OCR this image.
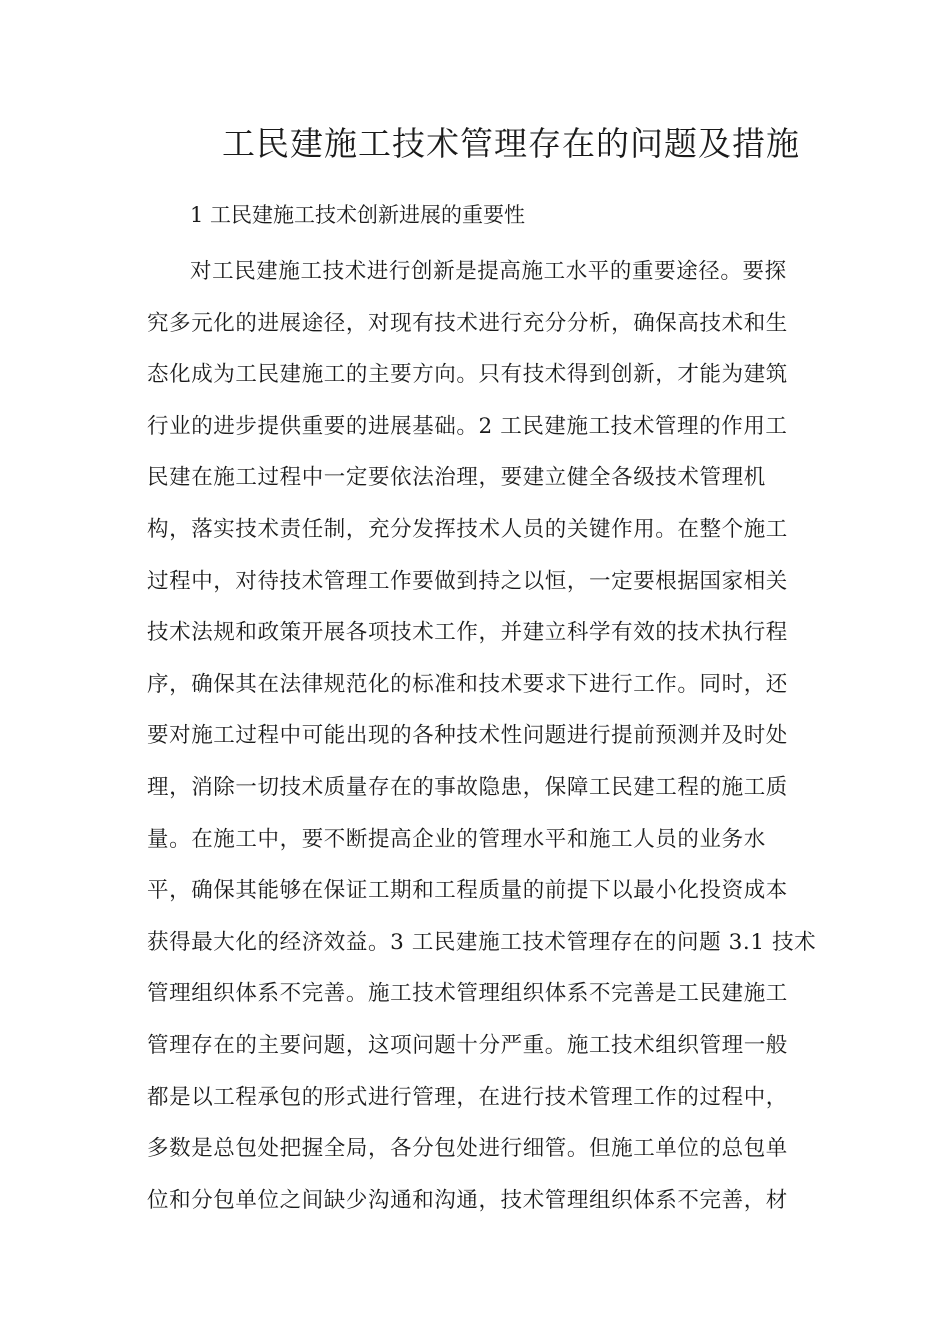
工民建施工技术管理存在的问题及措施

1 工民建施工技术创新进展的重要性

对工民建施工技术进行创新是提高施工水平的重要途径。要探
究多元化的进展途径，对现有技术进行充分分析，确保高技术和生
态化成为工民建施工的主要方向。只有技术得到创新，才能为建筑
行业的进步提供重要的进展基础。2 工民建施工技术管理的作用工
民建在施工过程中一定要依法治理，要建立健全各级技术管理机
构，落实技术责任制，充分发挥技术人员的关键作用。在整个施工
过程中，对待技术管理工作要做到持之以恒，一定要根据国家相关
技术法规和政策开展各项技术工作，并建立科学有效的技术执行程
序，确保其在法律规范化的标准和技术要求下进行工作。同时，还
要对施工过程中可能出现的各种技术性问题进行提前预测并及时处
理，消除一切技术质量存在的事故隐患，保障工民建工程的施工质
量。在施工中，要不断提高企业的管理水平和施工人员的业务水
平，确保其能够在保证工期和工程质量的前提下以最小化投资成本
获得最大化的经济效益。3 工民建施工技术管理存在的问题 3.1 技术
管理组织体系不完善。施工技术管理组织体系不完善是工民建施工
管理存在的主要问题，这项问题十分严重。施工技术组织管理一般
都是以工程承包的形式进行管理，在进行技术管理工作的过程中，
多数是总包处把握全局，各分包处进行细管。但施工单位的总包单
位和分包单位之间缺少沟通和沟通，技术管理组织体系不完善，材
